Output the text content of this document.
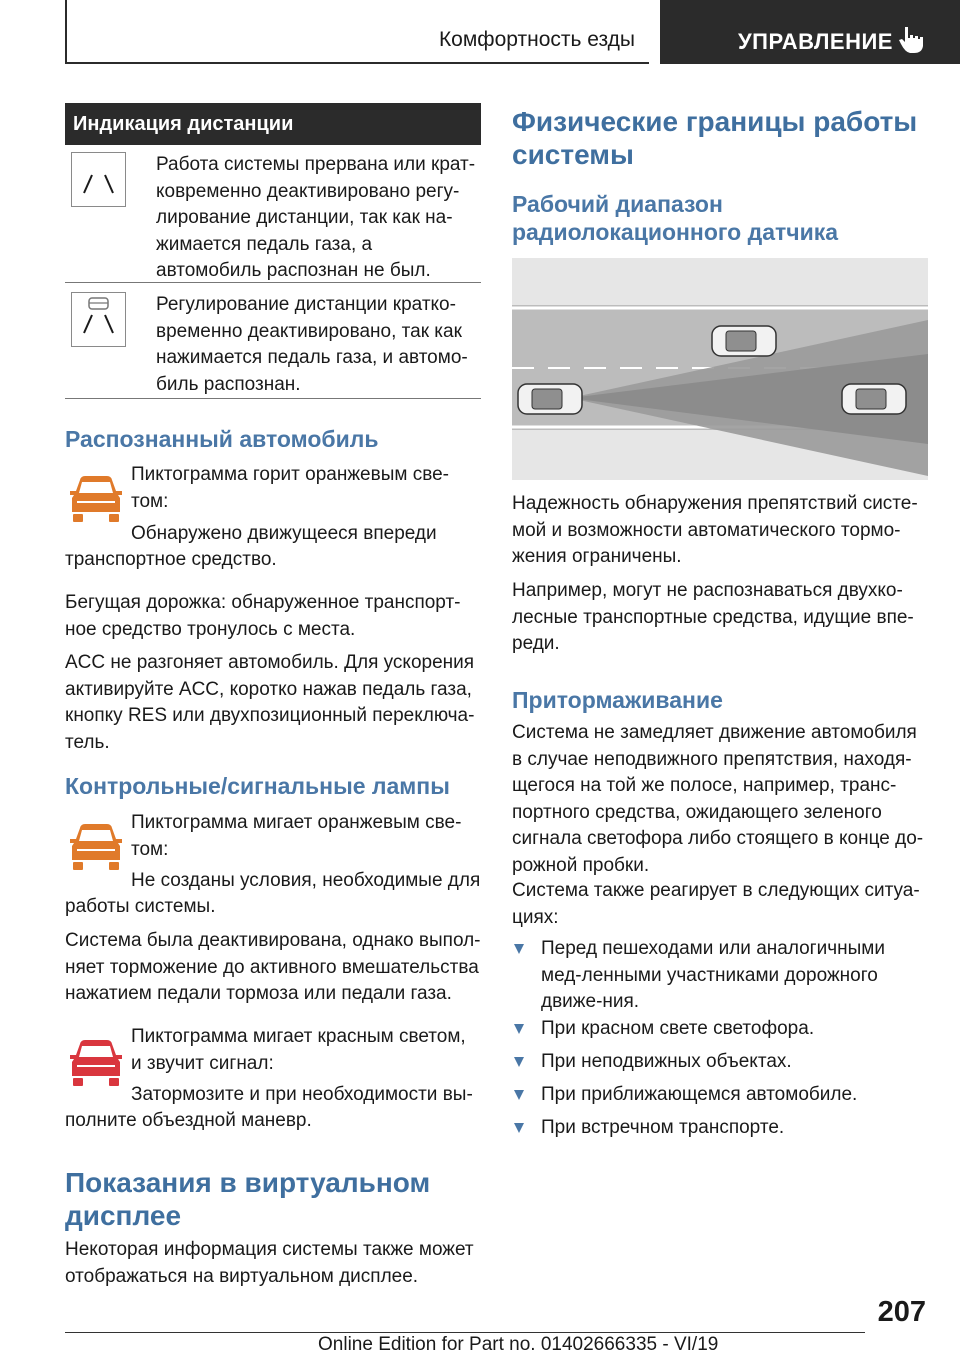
Комфортность езды	УПРАВЛЕНИЕ
Индикация дистанции
Работа системы прервана или крат-ковременно деактивировано регу-лирование дистанции, так как на-жимается педаль газа, а автомобиль распознан не был.
Регулирование дистанции кратко-временно деактивировано, так как нажимается педаль газа, и автомо-биль распознан.
Распознанный автомобиль
Пиктограмма горит оранжевым све-том:
Обнаружено движущееся впереди
транспортное средство.
Бегущая дорожка: обнаруженное транспорт-ное средство тронулось с места.
ACC не разгоняет автомобиль. Для ускорения активируйте ACC, коротко нажав педаль газа, кнопку RES или двухпозиционный переключа-тель.
Контрольные/сигнальные лампы
Пиктограмма мигает оранжевым све-том:
Не созданы условия, необходимые для
работы системы.
Система была деактивирована, однако выпол-няет торможение до активного вмешательства нажатием педали тормоза или педали газа.
Пиктограмма мигает красным светом, и звучит сигнал:
Затормозите и при необходимости вы-
полните объездной маневр.
Показания в виртуальном дисплее
Некоторая информация системы также может отображаться на виртуальном дисплее.
Физические границы работы системы
Рабочий диапазон радиолокационного датчика
Надежность обнаружения препятствий систе-мой и возможности автоматического тормо-жения ограничены.
Например, могут не распознаваться двухко-лесные транспортные средства, идущие впе-реди.
Притормаживание
Система не замедляет движение автомобиля в случае неподвижного препятствия, находя-щегося на той же полосе, например, транс-портного средства, ожидающего зеленого сигнала светофора либо стоящего в конце до-рожной пробки.
Система также реагирует в следующих ситуа-циях:
Перед пешеходами или аналогичными мед-ленными участниками дорожного движе-ния.
При красном свете светофора.
При неподвижных объектах.
При приближающемся автомобиле.
При встречном транспорте.
207
Online Edition for Part no. 01402666335 - VI/19
